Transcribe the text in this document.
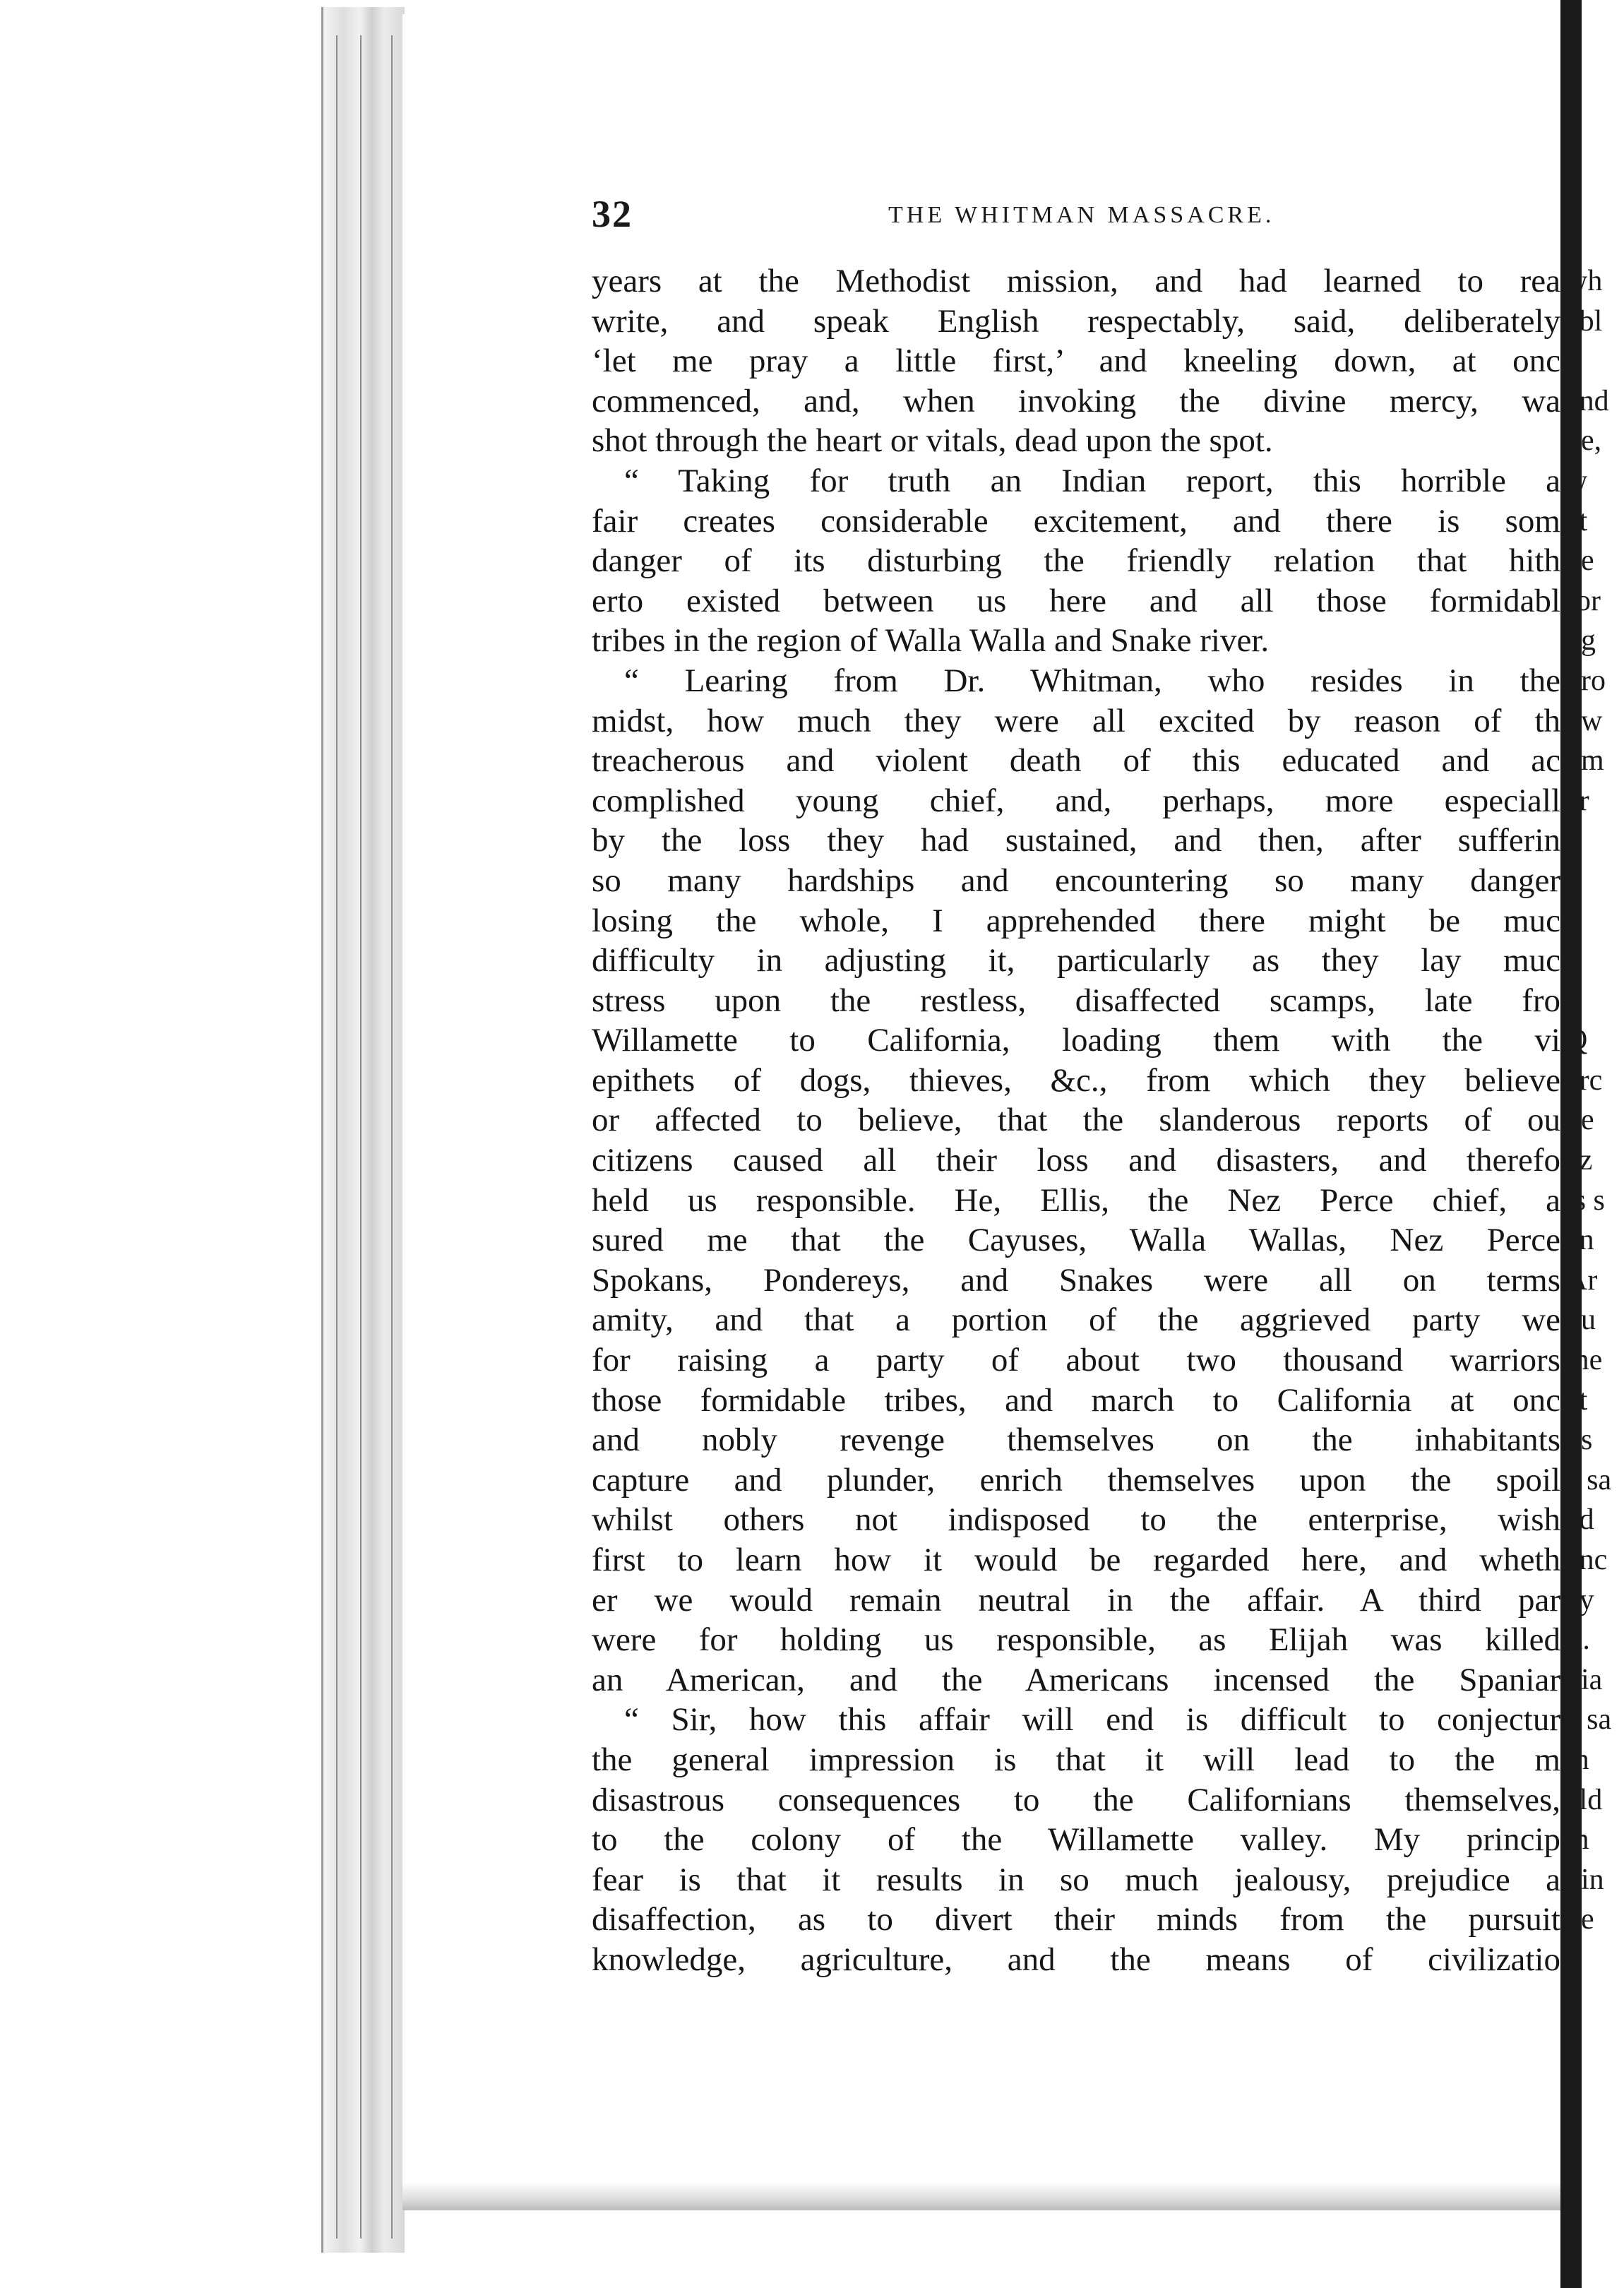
32	THE WHITMAN MASSACRE.
years at the Methodist mission, and had learned to rea
write, and speak English respectably, said, deliberately
‘let me pray a little first,’ and kneeling down, at onc
commenced, and, when invoking the divine mercy, wa
shot through the heart or vitals, dead upon the spot.
“ Taking for truth an Indian report, this horrible a
fair creates considerable excitement, and there is som
danger of its disturbing the friendly relation that hith
erto existed between us here and all those formidabl
tribes in the region of Walla Walla and Snake river.
“ Learing from Dr. Whitman, who resides in the
midst, how much they were all excited by reason of th
treacherous and violent death of this educated and ac
complished young chief, and, perhaps, more especiall
by the loss they had sustained, and then, after sufferin
so many hardships and encountering so many danger
losing the whole, I apprehended there might be muc
difficulty in adjusting it, particularly as they lay muc
stress upon the restless, disaffected scamps, late fro
Willamette to California, loading them with the vi
epithets of dogs, thieves, &c., from which they believe
or affected to believe, that the slanderous reports of ou
citizens caused all their loss and disasters, and therefo
held us responsible. He, Ellis, the Nez Perce chief, a
sured me that the Cayuses, Walla Wallas, Nez Perce
Spokans, Pondereys, and Snakes were all on terms
amity, and that a portion of the aggrieved party we
for raising a party of about two thousand warriors
those formidable tribes, and march to California at onc
and nobly revenge themselves on the inhabitants
capture and plunder, enrich themselves upon the spoil
whilst others not indisposed to the enterprise, wish
first to learn how it would be regarded here, and wheth
er we would remain neutral in the affair. A third par
were for holding us responsible, as Elijah was killed
an American, and the Americans incensed the Spaniar
“ Sir, how this affair will end is difficult to conjectur
the general impression is that it will lead to the m
disastrous consequences to the Californians themselves,
to the colony of the Willamette valley. My princip
fear is that it results in so much jealousy, prejudice a
disaffection, as to divert their minds from the pursuit
knowledge, agriculture, and the means of civilizatio
wh
abl
“
and
be,
w
at
he
for
ng
pro
ow
om
er
Q
erc
he
ez
is s
an
Ar
ou
me
at
ns
e sa
ed
enc
ey
ll.
dia
e sa
th
ald
m
kin
ke
